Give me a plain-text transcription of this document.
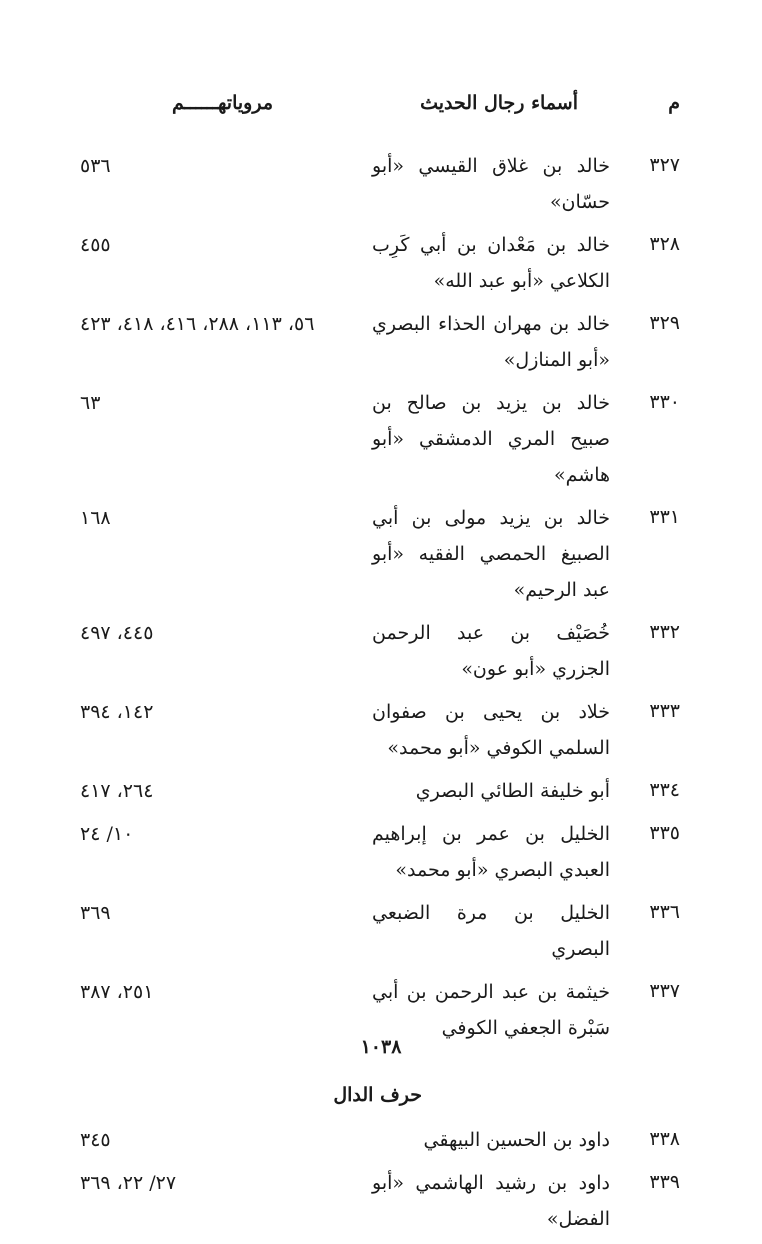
م
أسماء رجال الحديث
مروياتهــــــم
٣٢٧
خالد بن غلاق القيسي «أبو حسّان»
٥٣٦
٣٢٨
خالد بن مَعْدان بن أبي كَرِب الكلاعي «أبو عبد الله»
٤٥٥
٣٢٩
خالد بن مهران الحذاء البصري «أبو المنازل»
٥٦، ١١٣، ٢٨٨، ٤١٦، ٤١٨، ٤٢٣
٣٣٠
خالد بن يزيد بن صالح بن صبيح المري الدمشقي «أبو هاشم»
٦٣
٣٣١
خالد بن يزيد مولى بن أبي الصبيغ الحمصي الفقيه «أبو عبد الرحيم»
١٦٨
٣٣٢
خُصَيْف بن عبد الرحمن الجزري «أبو عون»
٤٤٥، ٤٩٧
٣٣٣
خلاد بن يحيى بن صفوان السلمي الكوفي «أبو محمد»
١٤٢، ٣٩٤
٣٣٤
أبو خليفة الطائي البصري
٢٦٤، ٤١٧
٣٣٥
الخليل بن عمر بن إبراهيم العبدي البصري «أبو محمد»
١٠/ ٢٤
٣٣٦
الخليل بن مرة الضبعي البصري
٣٦٩
٣٣٧
خيثمة بن عبد الرحمن بن أبي سَبْرة الجعفي الكوفي
٢٥١، ٣٨٧
حرف الدال
٣٣٨
داود بن الحسين البيهقي
٣٤٥
٣٣٩
داود بن رشيد الهاشمي «أبو الفضل»
٢٧/ ٢٢، ٣٦٩
١٠٣٨
